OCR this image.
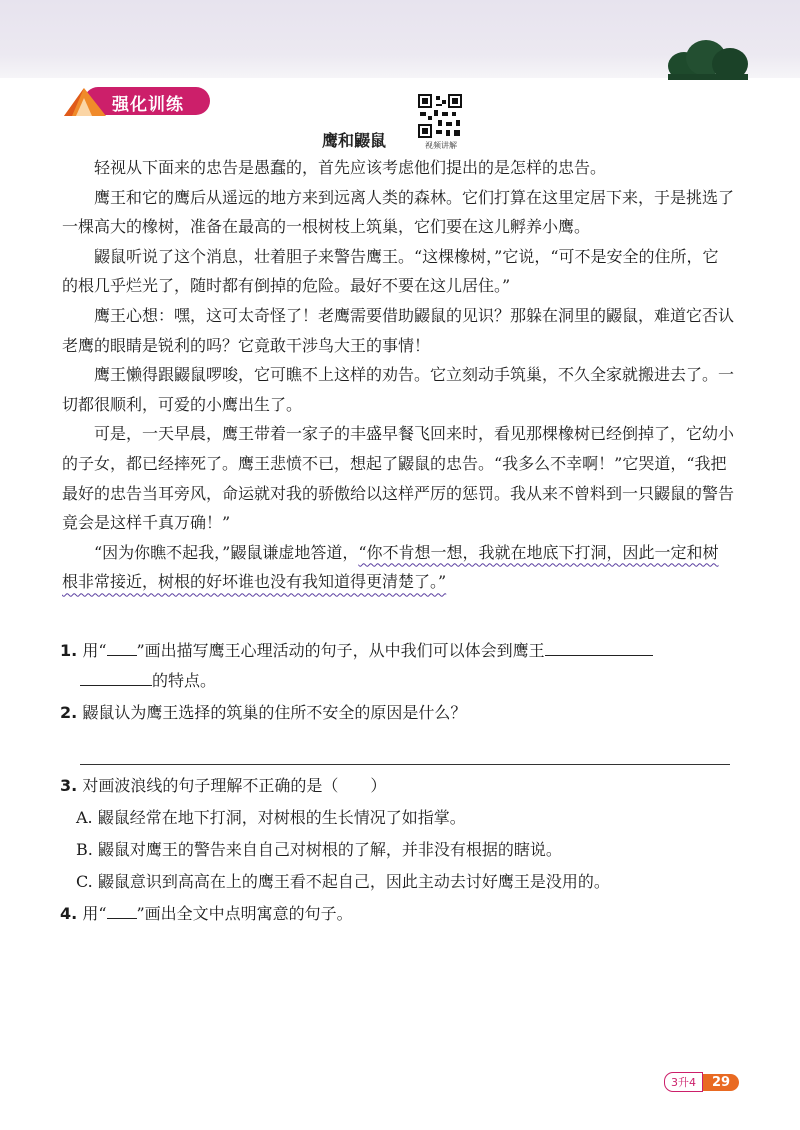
强化训练
视频讲解
鹰和鼹鼠

轻视从下面来的忠告是愚蠢的，首先应该考虑他们提出的是怎样的忠告。

鹰王和它的鹰后从遥远的地方来到远离人类的森林。它们打算在这里定居下来，于是挑选了一棵高大的橡树，准备在最高的一根树枝上筑巢，它们要在这儿孵养小鹰。

鼹鼠听说了这个消息，壮着胆子来警告鹰王。“这棵橡树，”它说，“可不是安全的住所，它的根几乎烂光了，随时都有倒掉的危险。最好不要在这儿居住。”

鹰王心想：嘿，这可太奇怪了！老鹰需要借助鼹鼠的见识？那躲在洞里的鼹鼠，难道它否认老鹰的眼睛是锐利的吗？它竟敢干涉鸟大王的事情！

鹰王懒得跟鼹鼠啰唆，它可瞧不上这样的劝告。它立刻动手筑巢，不久全家就搬进去了。一切都很顺利，可爱的小鹰出生了。

可是，一天早晨，鹰王带着一家子的丰盛早餐飞回来时，看见那棵橡树已经倒掉了，它幼小的子女，都已经摔死了。鹰王悲愤不已，想起了鼹鼠的忠告。“我多么不幸啊！”它哭道，“我把最好的忠告当耳旁风，命运就对我的骄傲给以这样严厉的惩罚。我从来不曾料到一只鼹鼠的警告竟会是这样千真万确！”

“因为你瞧不起我，”鼹鼠谦虚地答道，“你不肯想一想，我就在地底下打洞，因此一定和树根非常接近，树根的好坏谁也没有我知道得更清楚了。”

1. 用“ ”画出描写鹰王心理活动的句子，从中我们可以体会到鹰王
的特点。
2. 鼹鼠认为鹰王选择的筑巢的住所不安全的原因是什么？
3. 对画波浪线的句子理解不正确的是（　　）
A. 鼹鼠经常在地下打洞，对树根的生长情况了如指掌。
B. 鼹鼠对鹰王的警告来自自己对树根的了解，并非没有根据的瞎说。
C. 鼹鼠意识到高高在上的鹰王看不起自己，因此主动去讨好鹰王是没用的。
4. 用“ ”画出全文中点明寓意的句子。
3升4	29
